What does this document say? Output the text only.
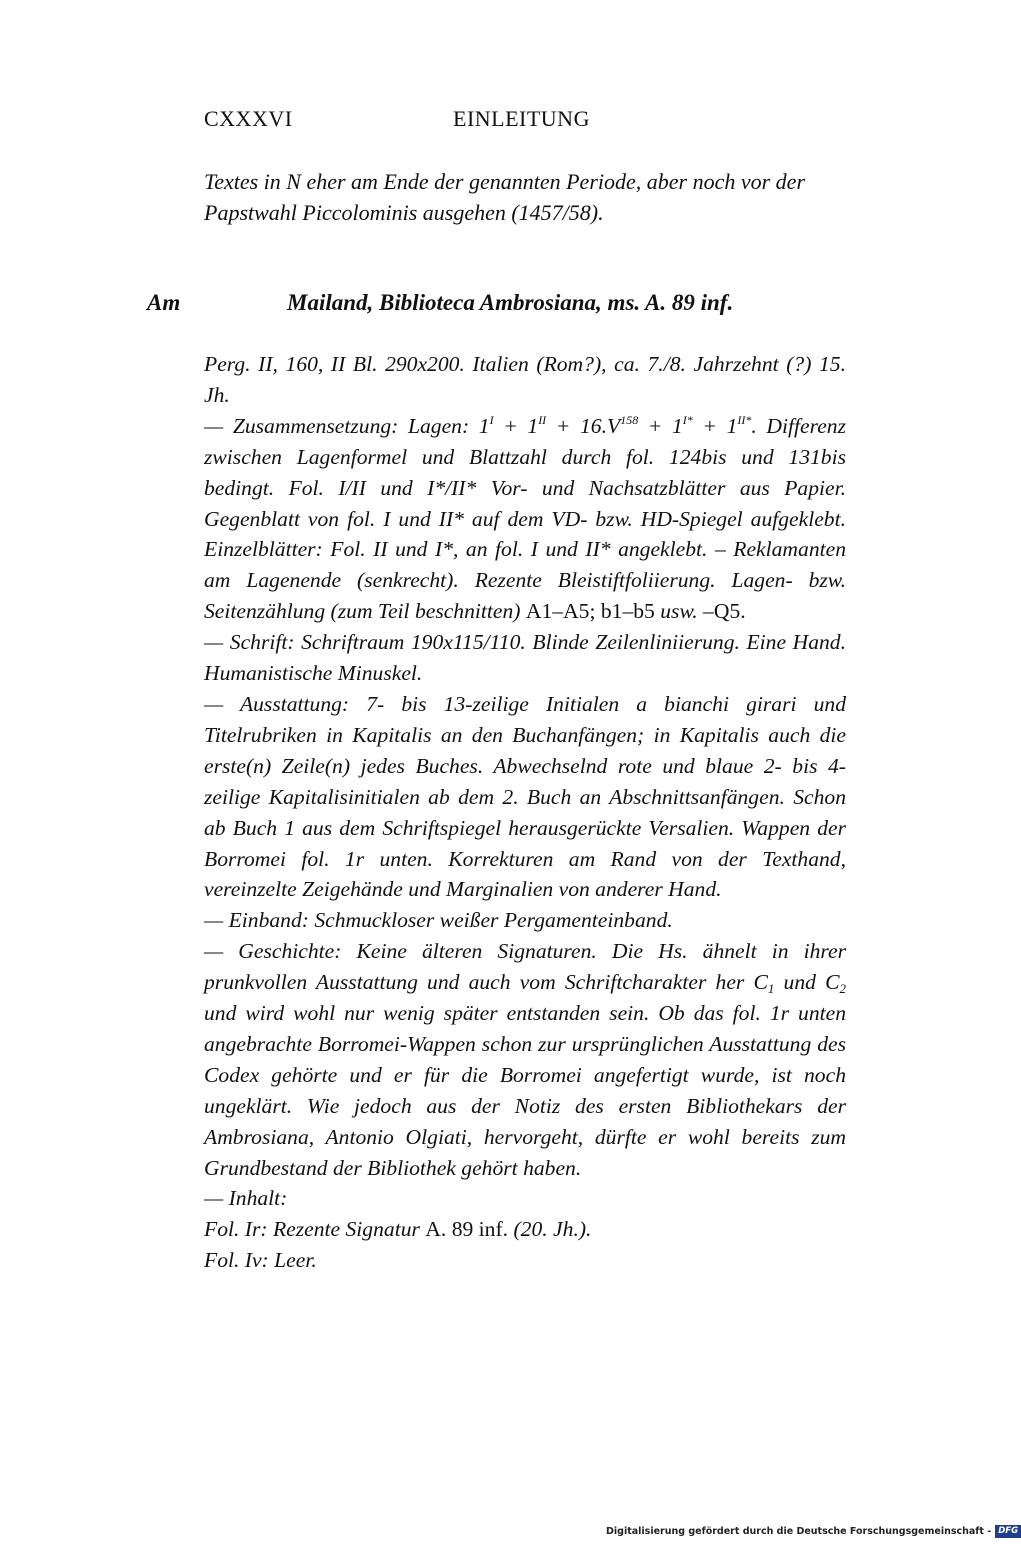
CXXXVI	EINLEITUNG

Textes in N eher am Ende der genannten Periode, aber noch vor der Papstwahl Piccolominis ausgehen (1457/58).

Am	Mailand, Biblioteca Ambrosiana, ms. A. 89 inf.

Perg. II, 160, II Bl. 290x200. Italien (Rom?), ca. 7./8. Jahrzehnt (?) 15. Jh.

— Zusammensetzung: Lagen: $1^I + 1^{II} + 16.V^{158} + 1^{I*} + 1^{II*}$. Differenz zwischen Lagenformel und Blattzahl durch fol. 124bis und 131bis bedingt. Fol. I/II und I*/II* Vor- und Nachsatzblätter aus Papier. Gegenblatt von fol. I und II* auf dem VD- bzw. HD-Spiegel aufgeklebt. Einzelblätter: Fol. II und I*, an fol. I und II* angeklebt. – Reklamanten am Lagenende (senkrecht). Rezente Bleistiftfoliierung. Lagen- bzw. Seitenzählung (zum Teil beschnitten) A1–A5; b1–b5 usw. –Q5.

— Schrift: Schriftraum 190x115/110. Blinde Zeilenliniierung. Eine Hand. Humanistische Minuskel.

— Ausstattung: 7- bis 13-zeilige Initialen a bianchi girari und Titelrubriken in Kapitalis an den Buchanfängen; in Kapitalis auch die erste(n) Zeile(n) jedes Buches. Abwechselnd rote und blaue 2- bis 4-zeilige Kapitalisinitialen ab dem 2. Buch an Abschnittsanfängen. Schon ab Buch 1 aus dem Schriftspiegel herausgerückte Versalien. Wappen der Borromei fol. 1r unten. Korrekturen am Rand von der Texthand, vereinzelte Zeigehände und Marginalien von anderer Hand.

— Einband: Schmuckloser weißer Pergamenteinband.

— Geschichte: Keine älteren Signaturen. Die Hs. ähnelt in ihrer prunkvollen Ausstattung und auch vom Schriftcharakter her $C_1$ und $C_2$ und wird wohl nur wenig später entstanden sein. Ob das fol. 1r unten angebrachte Borromei-Wappen schon zur ursprünglichen Ausstattung des Codex gehörte und er für die Borromei angefertigt wurde, ist noch ungeklärt. Wie jedoch aus der Notiz des ersten Bibliothekars der Ambrosiana, Antonio Olgiati, hervorgeht, dürfte er wohl bereits zum Grundbestand der Bibliothek gehört haben.

— Inhalt:

Fol. Ir: Rezente Signatur A. 89 inf. (20. Jh.).

Fol. Iv: Leer.

Digitalisierung gefördert durch die Deutsche Forschungsgemeinschaft - DFG
